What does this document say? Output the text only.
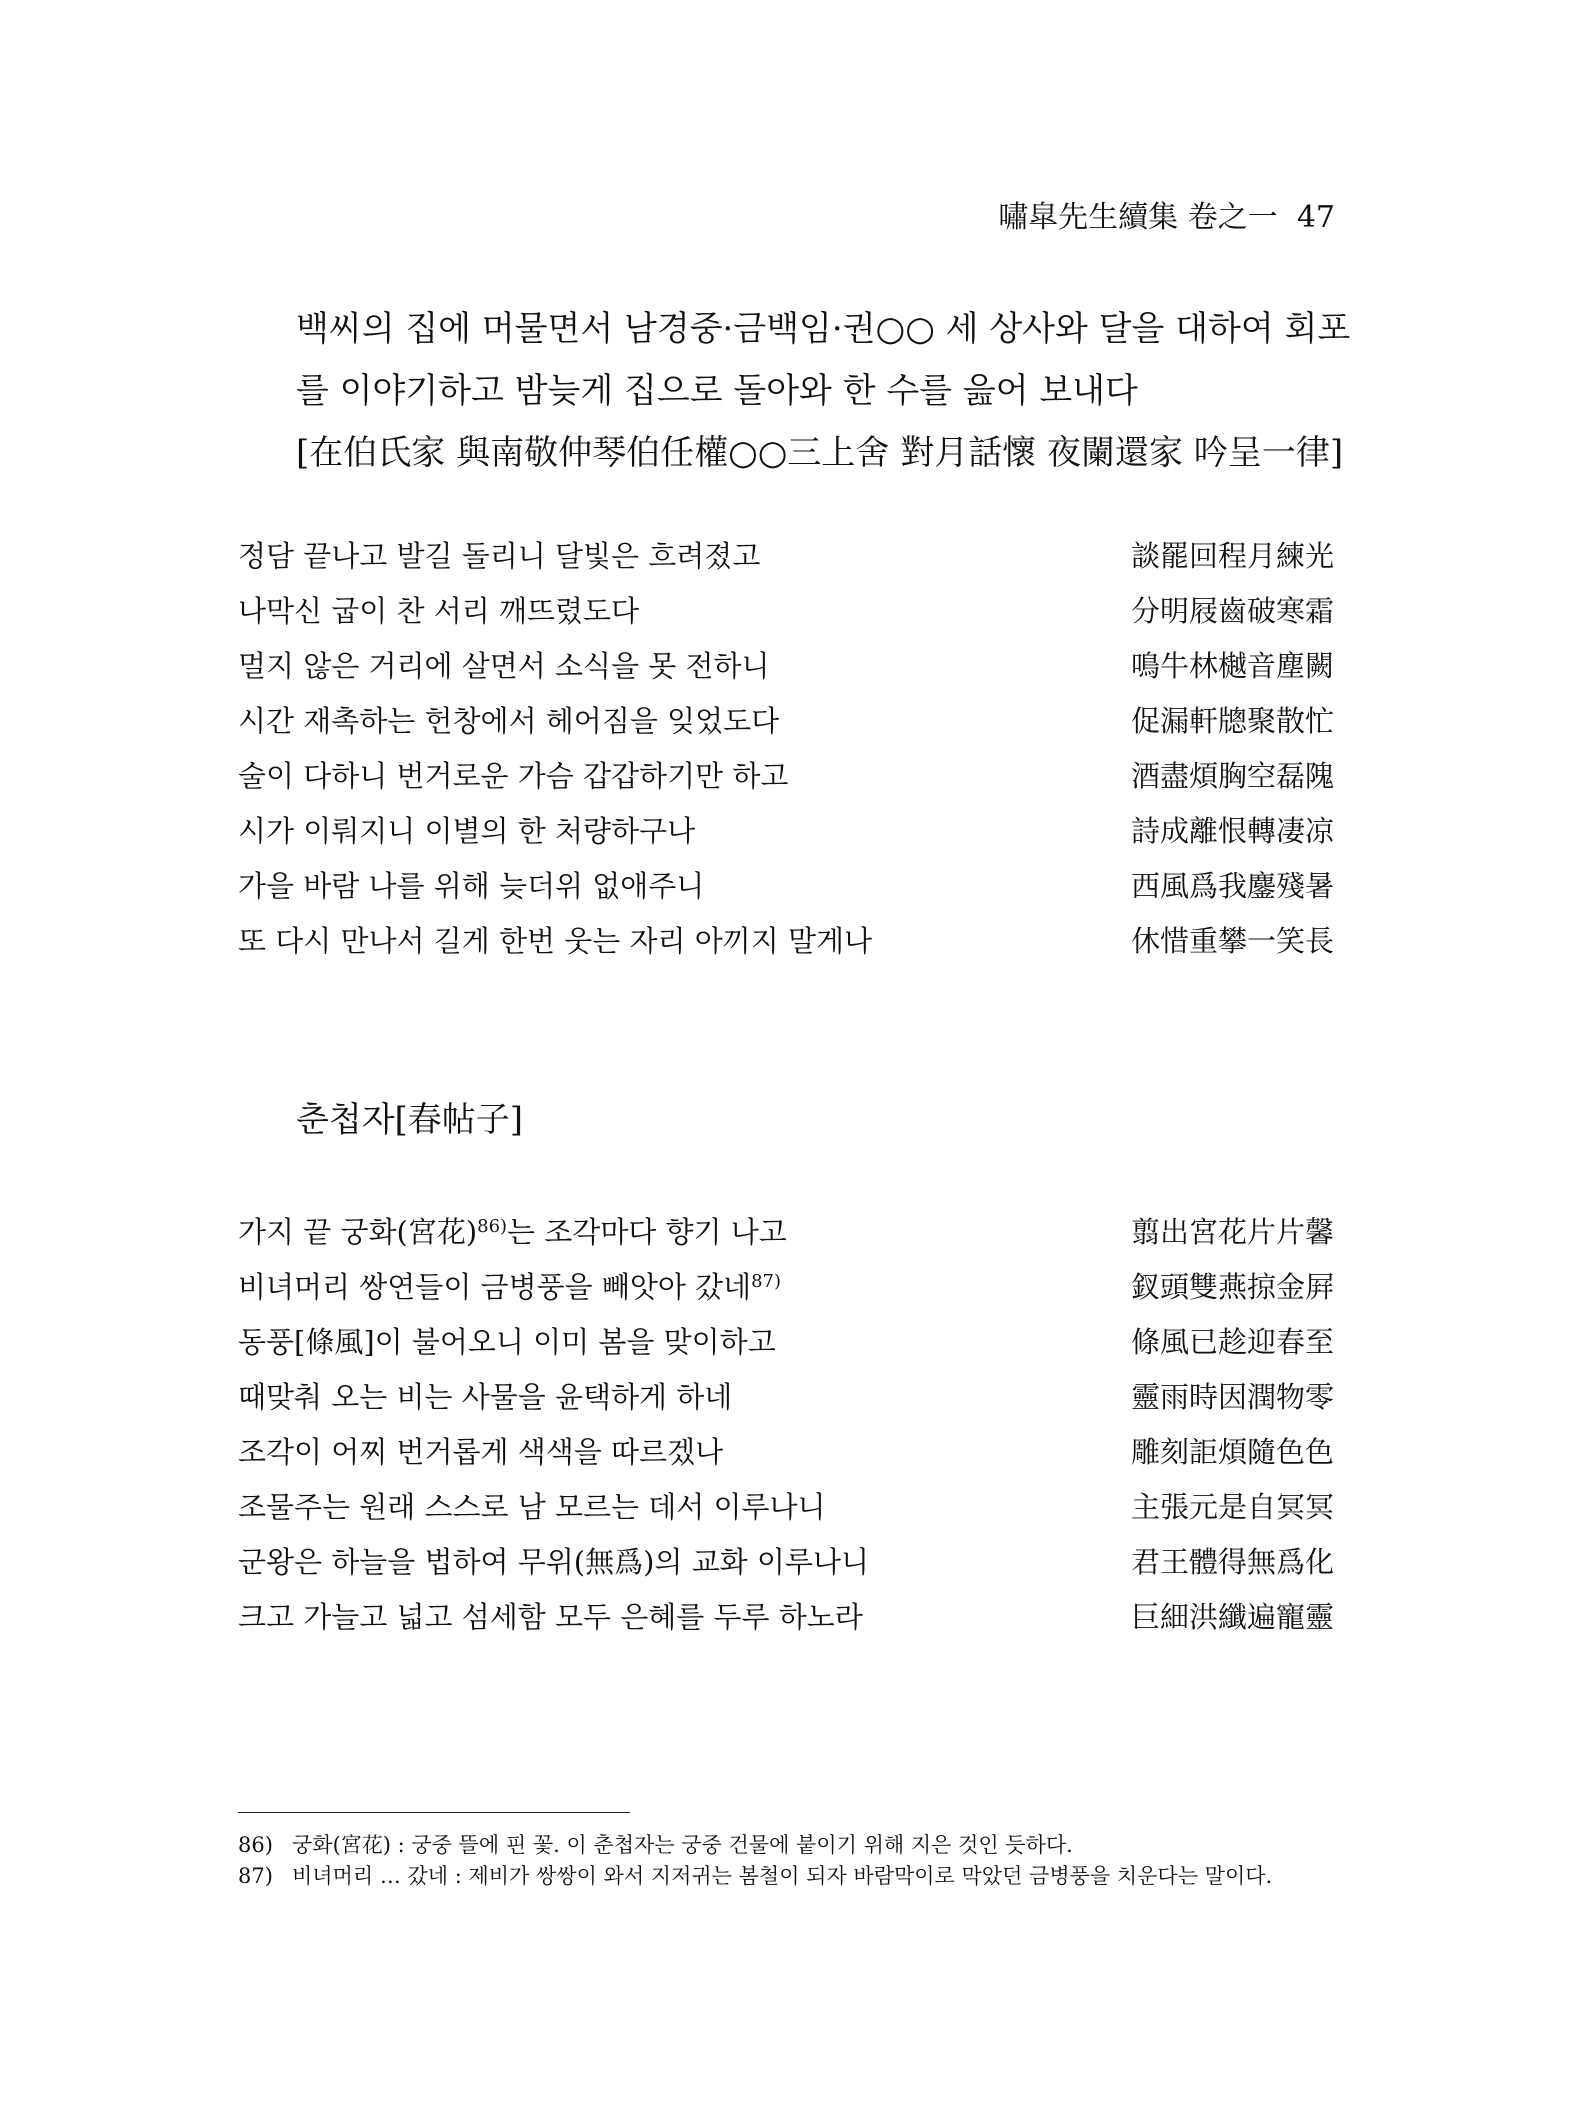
嘯皐先生續集 卷之一 47
백씨의 집에 머물면서 남경중·금백임·권○○ 세 상사와 달을 대하여 회포
를 이야기하고 밤늦게 집으로 돌아와 한 수를 읊어 보내다
[在伯氏家 與南敬仲琴伯任權○○三上舍 對月話懷 夜闌還家 吟呈一律]
정담 끝나고 발길 돌리니 달빛은 흐려졌고	談罷回程月練光
나막신 굽이 찬 서리 깨뜨렸도다	分明屐齒破寒霜
멀지 않은 거리에 살면서 소식을 못 전하니	鳴牛林樾音塵闕
시간 재촉하는 헌창에서 헤어짐을 잊었도다	促漏軒牕聚散忙
술이 다하니 번거로운 가슴 갑갑하기만 하고	酒盡煩胸空磊隗
시가 이뤄지니 이별의 한 처량하구나	詩成離恨轉凄凉
가을 바람 나를 위해 늦더위 없애주니	西風爲我鏖殘暑
또 다시 만나서 길게 한번 웃는 자리 아끼지 말게나	休惜重攀一笑長
춘첩자[春帖子]
가지 끝 궁화(宮花)$^{86)}$는 조각마다 향기 나고	翦出宮花片片馨
비녀머리 쌍연들이 금병풍을 빼앗아 갔네$^{87)}$	釵頭雙燕掠金屛
동풍[條風]이 불어오니 이미 봄을 맞이하고	條風已趁迎春至
때맞춰 오는 비는 사물을 윤택하게 하네	靈雨時因潤物零
조각이 어찌 번거롭게 색색을 따르겠나	雕刻詎煩隨色色
조물주는 원래 스스로 남 모르는 데서 이루나니	主張元是自冥冥
군왕은 하늘을 법하여 무위(無爲)의 교화 이루나니	君王體得無爲化
크고 가늘고 넓고 섬세함 모두 은혜를 두루 하노라	巨細洪纖遍寵靈
86) 궁화(宮花) : 궁중 뜰에 핀 꽃. 이 춘첩자는 궁중 건물에 붙이기 위해 지은 것인 듯하다.
87) 비녀머리 … 갔네 : 제비가 쌍쌍이 와서 지저귀는 봄철이 되자 바람막이로 막았던 금병풍을 치운다는 말이다.
